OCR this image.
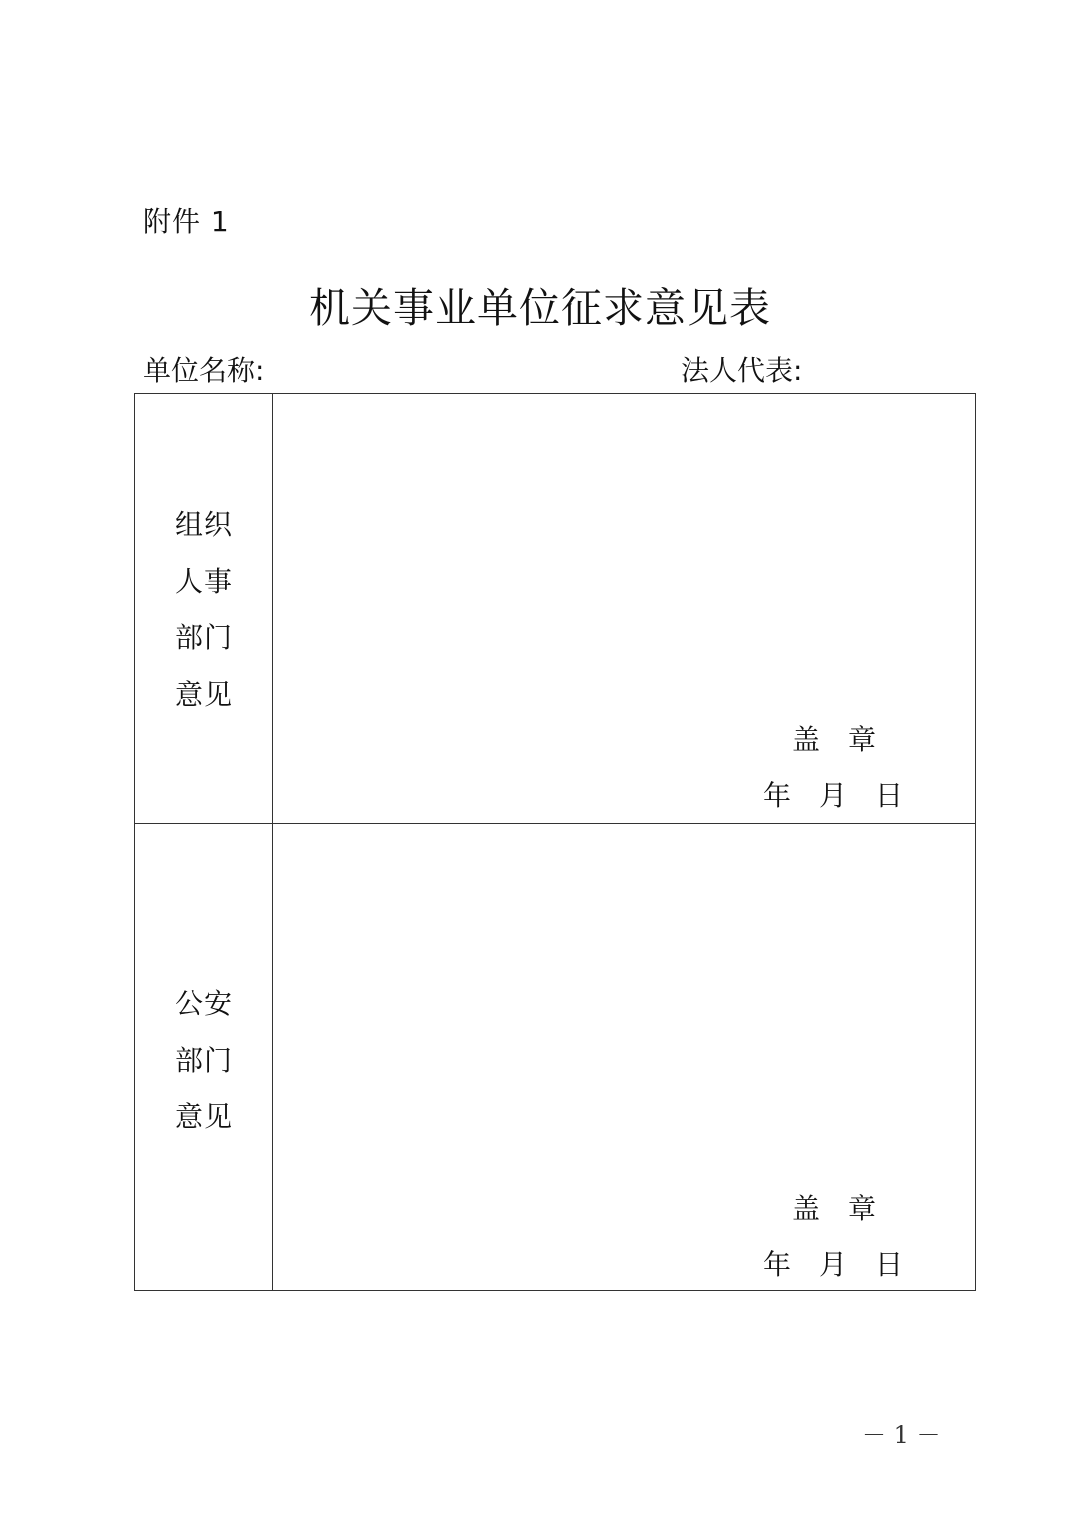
附件 1
机关事业单位征求意见表
单位名称:	法人代表:
组织
人事
部门
意见
盖　章
年　月　日
公安
部门
意见
盖　章
年　月　日
－ 1 －
